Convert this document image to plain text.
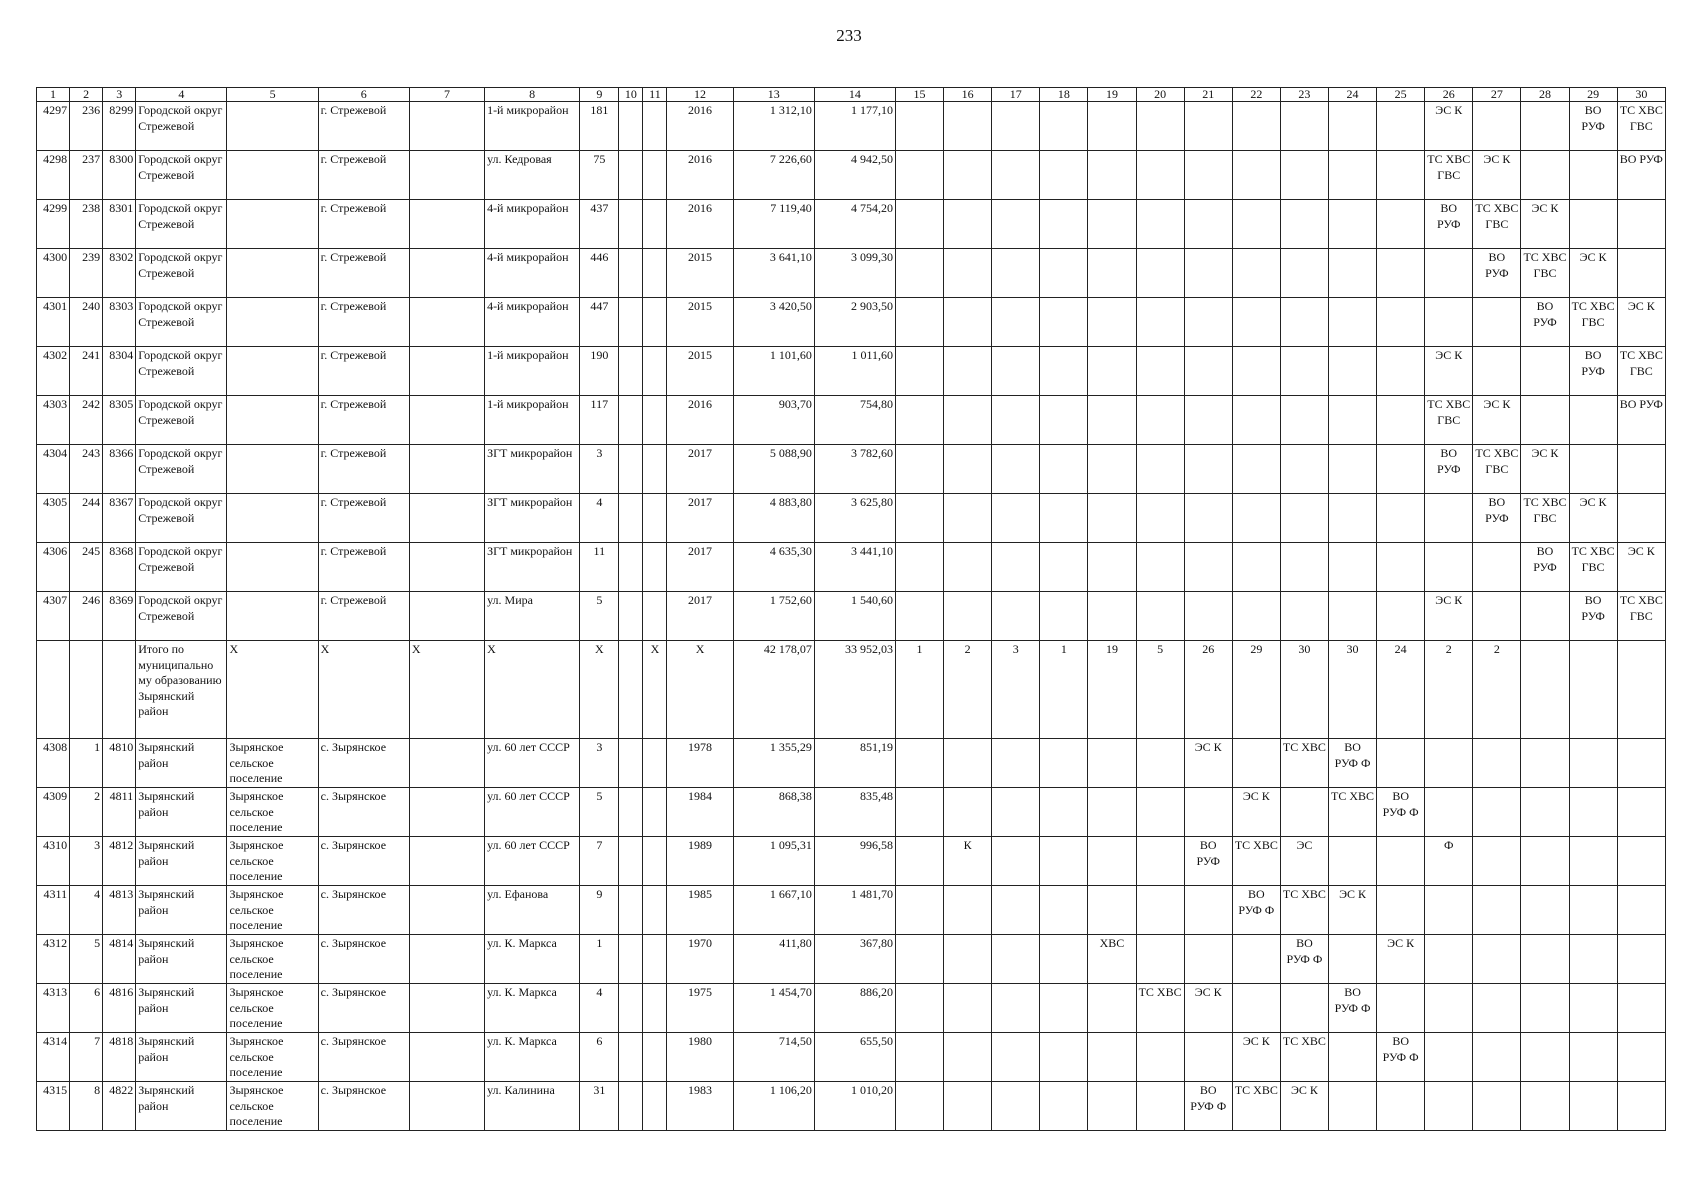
233
1	2	3	4	5	6	7	8	9	10	11	12	13	14	15	16	17	18	19	20	21	22	23	24	25	26	27	28	29	30
4297	236	8299	Городской округ Стрежевой		г. Стрежевой		1-й микрорайон	181			2016	1 312,10	1 177,10												ЭС К			ВО РУФ	ТС ХВС ГВС
4298	237	8300	Городской округ Стрежевой		г. Стрежевой		ул. Кедровая	75			2016	7 226,60	4 942,50												ТС ХВС ГВС	ЭС К			ВО РУФ
4299	238	8301	Городской округ Стрежевой		г. Стрежевой		4-й микрорайон	437			2016	7 119,40	4 754,20												ВО РУФ	ТС ХВС ГВС	ЭС К		
4300	239	8302	Городской округ Стрежевой		г. Стрежевой		4-й микрорайон	446			2015	3 641,10	3 099,30													ВО РУФ	ТС ХВС ГВС	ЭС К	
4301	240	8303	Городской округ Стрежевой		г. Стрежевой		4-й микрорайон	447			2015	3 420,50	2 903,50														ВО РУФ	ТС ХВС ГВС	ЭС К
4302	241	8304	Городской округ Стрежевой		г. Стрежевой		1-й микрорайон	190			2015	1 101,60	1 011,60												ЭС К			ВО РУФ	ТС ХВС ГВС
4303	242	8305	Городской округ Стрежевой		г. Стрежевой		1-й микрорайон	117			2016	903,70	754,80												ТС ХВС ГВС	ЭС К			ВО РУФ
4304	243	8366	Городской округ Стрежевой		г. Стрежевой		ЗГТ микрорайон	3			2017	5 088,90	3 782,60												ВО РУФ	ТС ХВС ГВС	ЭС К		
4305	244	8367	Городской округ Стрежевой		г. Стрежевой		ЗГТ микрорайон	4			2017	4 883,80	3 625,80													ВО РУФ	ТС ХВС ГВС	ЭС К	
4306	245	8368	Городской округ Стрежевой		г. Стрежевой		ЗГТ микрорайон	11			2017	4 635,30	3 441,10														ВО РУФ	ТС ХВС ГВС	ЭС К
4307	246	8369	Городской округ Стрежевой		г. Стрежевой		ул. Мира	5			2017	1 752,60	1 540,60												ЭС К			ВО РУФ	ТС ХВС ГВС
			Итого по муниципально му образованию Зырянский район	Х	Х	Х	Х	Х		Х	Х	42 178,07	33 952,03	1	2	3	1	19	5	26	29	30	30	24	2	2			
4308	1	4810	Зырянский район	Зырянское сельское поселение	с. Зырянское		ул. 60 лет СССР	3			1978	1 355,29	851,19							ЭС К		ТС ХВС	ВО РУФ Ф						
4309	2	4811	Зырянский район	Зырянское сельское поселение	с. Зырянское		ул. 60 лет СССР	5			1984	868,38	835,48								ЭС К		ТС ХВС	ВО РУФ Ф					
4310	3	4812	Зырянский район	Зырянское сельское поселение	с. Зырянское		ул. 60 лет СССР	7			1989	1 095,31	996,58		К					ВО РУФ	ТС ХВС	ЭС			Ф				
4311	4	4813	Зырянский район	Зырянское сельское поселение	с. Зырянское		ул. Ефанова	9			1985	1 667,10	1 481,70								ВО РУФ Ф	ТС ХВС	ЭС К						
4312	5	4814	Зырянский район	Зырянское сельское поселение	с. Зырянское		ул. К. Маркса	1			1970	411,80	367,80					ХВС				ВО РУФ Ф		ЭС К					
4313	6	4816	Зырянский район	Зырянское сельское поселение	с. Зырянское		ул. К. Маркса	4			1975	1 454,70	886,20						ТС ХВС	ЭС К			ВО РУФ Ф						
4314	7	4818	Зырянский район	Зырянское сельское поселение	с. Зырянское		ул. К. Маркса	6			1980	714,50	655,50								ЭС К	ТС ХВС		ВО РУФ Ф					
4315	8	4822	Зырянский район	Зырянское сельское поселение	с. Зырянское		ул. Калинина	31			1983	1 106,20	1 010,20							ВО РУФ Ф	ТС ХВС	ЭС К							
